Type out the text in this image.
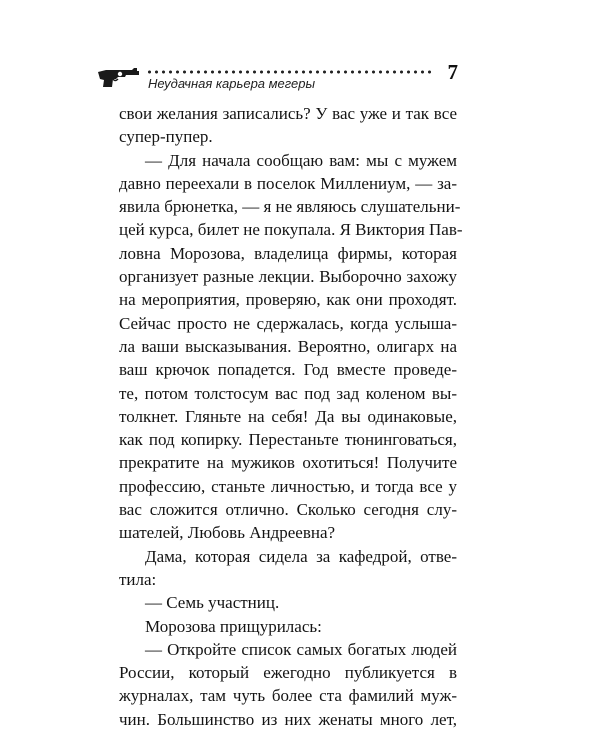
Неудачная карьера мегеры	7
свои желания записались? У вас уже и так все
супер-пупер.
— Для начала сообщаю вам: мы с мужем
давно переехали в поселок Миллениум, — за-
явила брюнетка, — я не являюсь слушательни-
цей курса, билет не покупала. Я Виктория Пав-
ловна Морозова, владелица фирмы, которая
организует разные лекции. Выборочно захожу
на мероприятия, проверяю, как они проходят.
Сейчас просто не сдержалась, когда услыша-
ла ваши высказывания. Вероятно, олигарх на
ваш крючок попадется. Год вместе проведе-
те, потом толстосум вас под зад коленом вы-
толкнет. Гляньте на себя! Да вы одинаковые,
как под копирку. Перестаньте тюнинговаться,
прекратите на мужиков охотиться! Получите
профессию, станьте личностью, и тогда все у
вас сложится отлично. Сколько сегодня слу-
шателей, Любовь Андреевна?
Дама, которая сидела за кафедрой, отве-
тила:
— Семь участниц.
Морозова прищурилась:
— Откройте список самых богатых людей
России, который ежегодно публикуется в
журналах, там чуть более ста фамилий муж-
чин. Большинство из них женаты много лет,
